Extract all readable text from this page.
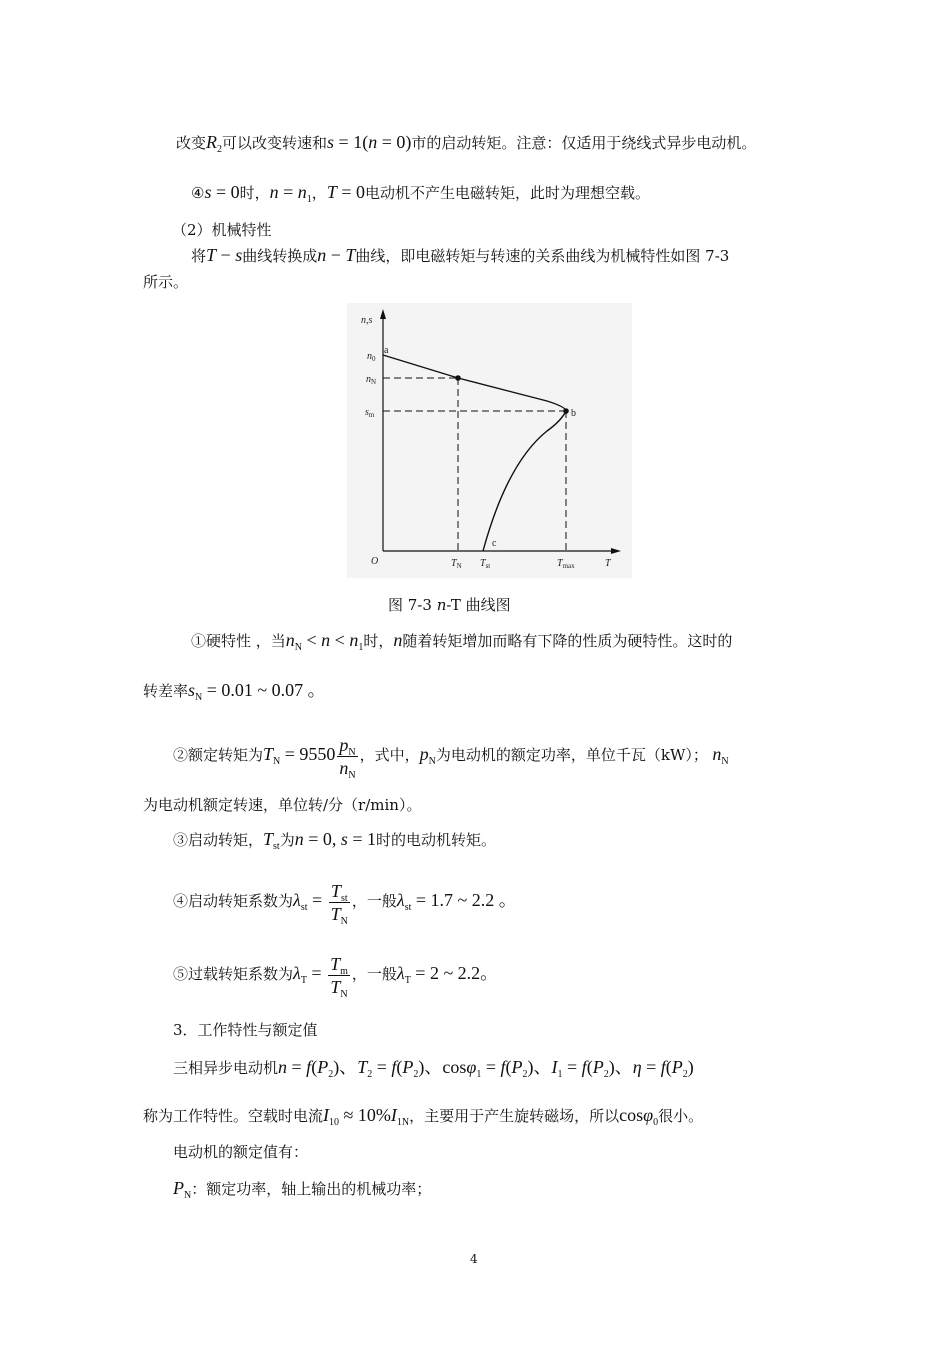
改变$R_2$可以改变转速和s = 1(n = 0)市的启动转矩。注意：仅适用于绕线式异步电动机。
④s = 0时，$n = n_1$，T = 0电动机不产生电磁转矩，此时为理想空载。
（2）机械特性
将T − s曲线转换成n − T曲线，即电磁转矩与转速的关系曲线为机械特性如图 7-3
所示。
n,s
$n_0$
$n_N$
$s_m$
a
b
c
O	$T_N$ $T_{st}$	$T_{max}$	T
图 7-3 n-T 曲线图
①硬特性 ，当$n_N < n < n_1$时，n随着转矩增加而略有下降的性质为硬特性。这时的
转差率$s_N = 0.01$ ~ 0.07 。
②额定转矩为$T_N = 9550 \frac{p_N}{n_N}$ ，式中，$p_N$为电动机的额定功率，单位千瓦（kW）； $n_N$
为电动机额定转速，单位转/分（r/min）。
③启动转矩，$T_{st}$为n = 0, s = 1时的电动机转矩。
④启动转矩系数为$\lambda_{st} = \frac{T_{st}}{T_N}$ ，一般$\lambda_{st} = 1.7$ ~ 2.2 。
⑤过载转矩系数为$\lambda_T = \frac{T_m}{T_N}$ ，一般$\lambda_T = 2$ ~ 2.2。
3．工作特性与额定值
三相异步电动机$n = f(P_2)$、$T_2 = f(P_2)$、$\cos\varphi_1 = f(P_2)$、$I_1 = f(P_2)$、$\eta = f(P_2)$
称为工作特性。空载时电流$I_{10} \approx 10\%I_{1N}$，主要用于产生旋转磁场，所以cosφ$_0$很小。
电动机的额定值有：
$P_N$：额定功率，轴上输出的机械功率；
4
